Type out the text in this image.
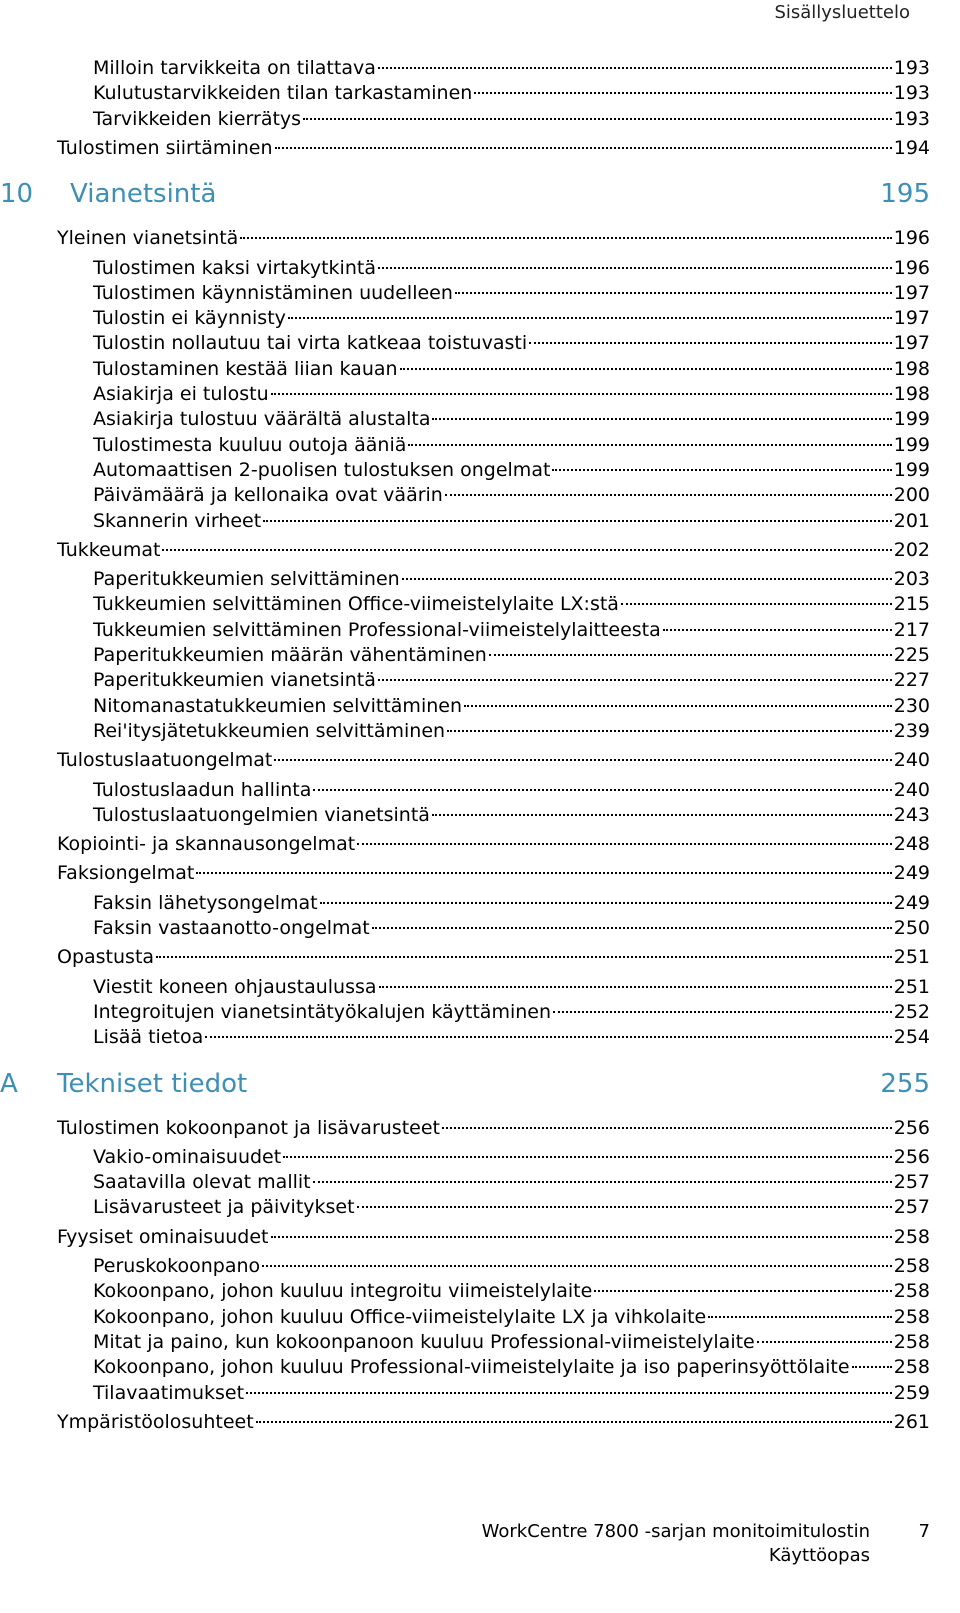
Sisällysluettelo
Milloin tarvikkeita on tilattava	193
Kulutustarvikkeiden tilan tarkastaminen	193
Tarvikkeiden kierrätys	193
Tulostimen siirtäminen	194
10	Vianetsintä	195
Yleinen vianetsintä	196
Tulostimen kaksi virtakytkintä	196
Tulostimen käynnistäminen uudelleen	197
Tulostin ei käynnisty	197
Tulostin nollautuu tai virta katkeaa toistuvasti	197
Tulostaminen kestää liian kauan	198
Asiakirja ei tulostu	198
Asiakirja tulostuu väärältä alustalta	199
Tulostimesta kuuluu outoja ääniä	199
Automaattisen 2-puolisen tulostuksen ongelmat	199
Päivämäärä ja kellonaika ovat väärin	200
Skannerin virheet	201
Tukkeumat	202
Paperitukkeumien selvittäminen	203
Tukkeumien selvittäminen Office-viimeistelylaite LX:stä	215
Tukkeumien selvittäminen Professional-viimeistelylaitteesta	217
Paperitukkeumien määrän vähentäminen	225
Paperitukkeumien vianetsintä	227
Nitomanastatukkeumien selvittäminen	230
Rei'itysjätetukkeumien selvittäminen	239
Tulostuslaatuongelmat	240
Tulostuslaadun hallinta	240
Tulostuslaatuongelmien vianetsintä	243
Kopiointi- ja skannausongelmat	248
Faksiongelmat	249
Faksin lähetysongelmat	249
Faksin vastaanotto-ongelmat	250
Opastusta	251
Viestit koneen ohjaustaulussa	251
Integroitujen vianetsintätyökalujen käyttäminen	252
Lisää tietoa	254
A	Tekniset tiedot	255
Tulostimen kokoonpanot ja lisävarusteet	256
Vakio-ominaisuudet	256
Saatavilla olevat mallit	257
Lisävarusteet ja päivitykset	257
Fyysiset ominaisuudet	258
Peruskokoonpano	258
Kokoonpano, johon kuuluu integroitu viimeistelylaite	258
Kokoonpano, johon kuuluu Office-viimeistelylaite LX ja vihkolaite	258
Mitat ja paino, kun kokoonpanoon kuuluu Professional-viimeistelylaite	258
Kokoonpano, johon kuuluu Professional-viimeistelylaite ja iso paperinsyöttölaite 258
Tilavaatimukset	259
Ympäristöolosuhteet	261
WorkCentre 7800 -sarjan monitoimitulostin
Käyttöopas
7
